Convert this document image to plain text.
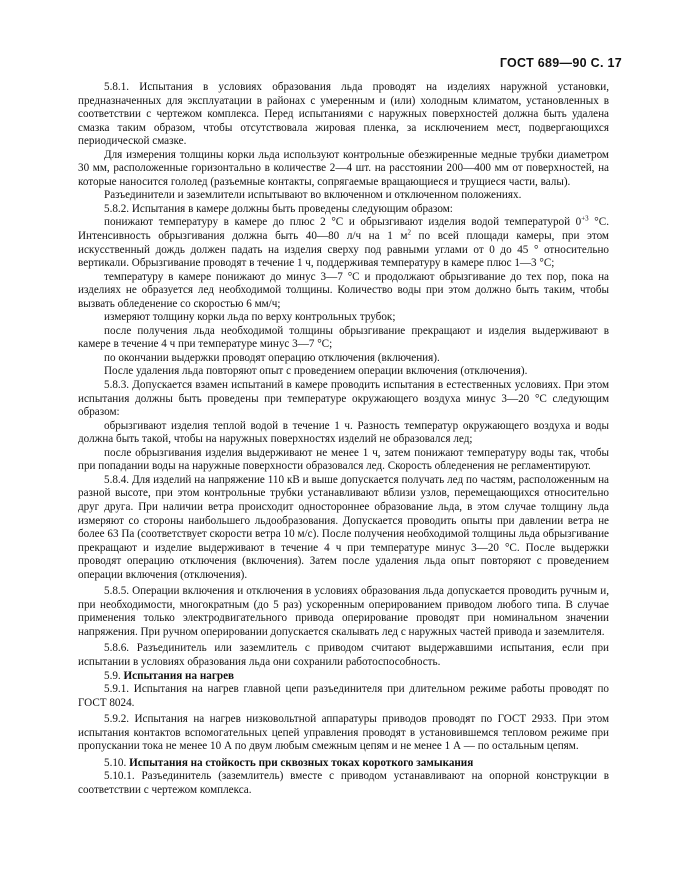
ГОСТ 689—90 С. 17

5.8.1. Испытания в условиях образования льда проводят на изделиях наружной установки, предназначенных для эксплуатации в районах с умеренным и (или) холодным климатом, установленных в соответствии с чертежом комплекса. Перед испытаниями с наружных поверхностей должна быть удалена смазка таким образом, чтобы отсутствовала жировая пленка, за исключением мест, подвергающихся периодической смазке.

Для измерения толщины корки льда используют контрольные обезжиренные медные трубки диаметром 30 мм, расположенные горизонтально в количестве 2—4 шт. на расстоянии 200—400 мм от поверхностей, на которые наносится гололед (разъемные контакты, сопрягаемые вращающиеся и трущиеся части, валы).

Разъединители и заземлители испытывают во включенном и отключенном положениях.

5.8.2. Испытания в камере должны быть проведены следующим образом:

понижают температуру в камере до плюс 2 °С и обрызгивают изделия водой температурой $0^{+3}$ °С. Интенсивность обрызгивания должна быть 40—80 л/ч на 1 $м^2$ по всей площади камеры, при этом искусственный дождь должен падать на изделия сверху под равными углами от 0 до 45 ° относительно вертикали. Обрызгивание проводят в течение 1 ч, поддерживая температуру в камере плюс 1—3 °С;

температуру в камере понижают до минус 3—7 °С и продолжают обрызгивание до тех пор, пока на изделиях не образуется лед необходимой толщины. Количество воды при этом должно быть таким, чтобы вызвать обледенение со скоростью 6 мм/ч;

измеряют толщину корки льда по верху контрольных трубок;

после получения льда необходимой толщины обрызгивание прекращают и изделия выдерживают в камере в течение 4 ч при температуре минус 3—7 °С;

по окончании выдержки проводят операцию отключения (включения).

После удаления льда повторяют опыт с проведением операции включения (отключения).

5.8.3. Допускается взамен испытаний в камере проводить испытания в естественных условиях. При этом испытания должны быть проведены при температуре окружающего воздуха минус 3—20 °С следующим образом:

обрызгивают изделия теплой водой в течение 1 ч. Разность температур окружающего воздуха и воды должна быть такой, чтобы на наружных поверхностях изделий не образовался лед;

после обрызгивания изделия выдерживают не менее 1 ч, затем понижают температуру воды так, чтобы при попадании воды на наружные поверхности образовался лед. Скорость обледенения не регламентируют.

5.8.4. Для изделий на напряжение 110 кВ и выше допускается получать лед по частям, расположенным на разной высоте, при этом контрольные трубки устанавливают вблизи узлов, перемещающихся относительно друг друга. При наличии ветра происходит одностороннее образование льда, в этом случае толщину льда измеряют со стороны наибольшего льдообразования. Допускается проводить опыты при давлении ветра не более 63 Па (соответствует скорости ветра 10 м/с). После получения необходимой толщины льда обрызгивание прекращают и изделие выдерживают в течение 4 ч при температуре минус 3—20 °С. После выдержки проводят операцию отключения (включения). Затем после удаления льда опыт повторяют с проведением операции включения (отключения).

5.8.5. Операции включения и отключения в условиях образования льда допускается проводить ручным и, при необходимости, многократным (до 5 раз) ускоренным оперированием приводом любого типа. В случае применения только электродвигательного привода оперирование проводят при номинальном значении напряжения. При ручном оперировании допускается скалывать лед с наружных частей привода и заземлителя.

5.8.6. Разъединитель или заземлитель с приводом считают выдержавшими испытания, если при испытании в условиях образования льда они сохранили работоспособность.

5.9. Испытания на нагрев

5.9.1. Испытания на нагрев главной цепи разъединителя при длительном режиме работы проводят по ГОСТ 8024.

5.9.2. Испытания на нагрев низковольтной аппаратуры приводов проводят по ГОСТ 2933. При этом испытания контактов вспомогательных цепей управления проводят в установившемся тепловом режиме при пропускании тока не менее 10 А по двум любым смежным цепям и не менее 1 А — по остальным цепям.

5.10. Испытания на стойкость при сквозных токах короткого замыкания

5.10.1. Разъединитель (заземлитель) вместе с приводом устанавливают на опорной конструкции в соответствии с чертежом комплекса.
